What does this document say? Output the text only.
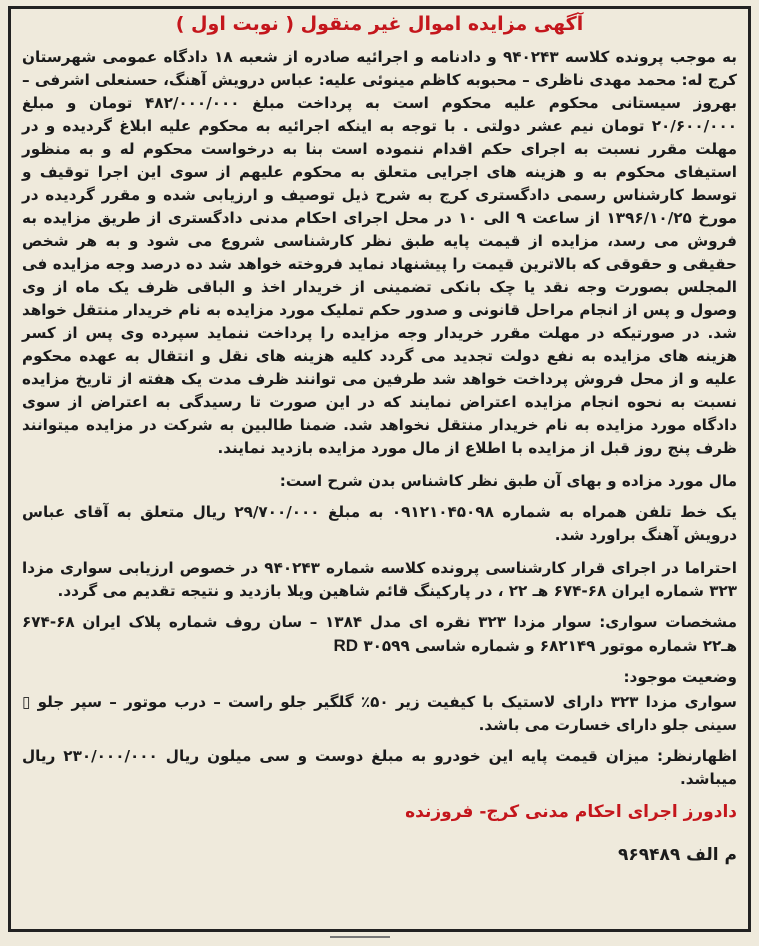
آگهی مزایده اموال غیر منقول ( نوبت اول )

به موجب پرونده کلاسه ۹۴۰۲۴۳ و دادنامه و اجرائیه صادره از شعبه ۱۸ دادگاه عمومی شهرستان کرج له: محمد مهدی ناظری – محبوبه کاظم مینوئی علیه: عباس درویش آهنگ، حسنعلی اشرفی – بهروز سیستانی محکوم علیه محکوم است به پرداخت مبلغ ۴۸۲/۰۰۰/۰۰۰ تومان و مبلغ ۲۰/۶۰۰/۰۰۰ تومان نیم عشر دولتی . با توجه به اینکه اجرائیه به محکوم علیه ابلاغ گردیده و در مهلت مقرر نسبت به اجرای حکم اقدام ننموده است بنا به درخواست محکوم له و به منظور استیفای محکوم به و هزینه های اجرایی متعلق به محکوم علیهم از سوی این اجرا توقیف و توسط کارشناس رسمی دادگستری کرج به شرح ذیل توصیف و ارزیابی شده و مقرر گردیده در مورخ ۱۳۹۶/۱۰/۲۵ از ساعت ۹ الی ۱۰ در محل اجرای احکام مدنی دادگستری از طریق مزایده به فروش می رسد، مزایده از قیمت پایه طبق نظر کارشناسی شروع می شود و به هر شخص حقیقی و حقوقی که بالاترین قیمت را پیشنهاد نماید فروخته خواهد شد ده درصد وجه مزایده فی المجلس بصورت وجه نقد یا چک بانکی تضمینی از خریدار اخذ و الباقی ظرف یک ماه از وی وصول و پس از انجام مراحل قانونی و صدور حکم تملیک مورد مزایده به نام خریدار منتقل خواهد شد. در صورتیکه در مهلت مقرر خریدار وجه مزایده را پرداخت ننماید سپرده وی پس از کسر هزینه های مزایده به نفع دولت تجدید می گردد کلیه هزینه های نقل و انتقال به عهده محکوم علیه و از محل فروش پرداخت خواهد شد طرفین می توانند ظرف مدت یک هفته از تاریخ مزایده نسبت به نحوه انجام مزایده اعتراض نمایند که در این صورت تا رسیدگی به اعتراض از سوی دادگاه مورد مزایده به نام خریدار منتقل نخواهد شد. ضمنا طالبین به شرکت در مزایده میتوانند ظرف پنج روز قبل از مزایده با اطلاع از مال مورد مزایده بازدید نمایند.

مال مورد مزاده و بهای آن طبق نظر کاشناس بدن شرح است:

یک خط تلفن همراه به شماره ۰۹۱۲۱۰۴۵۰۹۸ به مبلغ ۲۹/۷۰۰/۰۰۰ ریال متعلق به آقای عباس درویش آهنگ براورد شد.

احتراما در اجرای قرار کارشناسی پرونده کلاسه شماره ۹۴۰۲۴۳ در خصوص ارزیابی سواری مزدا ۳۲۳ شماره ایران ۶۸-۶۷۴ هـ ۲۲ ، در پارکینگ قائم شاهین ویلا بازدید و نتیجه تقدیم می گردد.

مشخصات سواری: سوار مزدا ۳۲۳ نقره ای مدل ۱۳۸۴ – سان روف شماره پلاک ایران ۶۸-۶۷۴ هـ۲۲ شماره موتور ۶۸۲۱۴۹ و شماره شاسی ۳۰۵۹۹ RD

وضعیت موجود:

سواری مزدا ۳۲۳ دارای لاستیک با کیفیت زیر ۵۰٪ گلگیر جلو راست – درب موتور – سپر جلو ▯ سینی جلو دارای خسارت می باشد.

اظهارنظر: میزان قیمت پایه این خودرو به مبلغ دوست و سی میلون ریال ۲۳۰/۰۰۰/۰۰۰ ریال میباشد.

دادورز اجرای احکام مدنی کرج- فروزنده
م الف ۹۶۹۴۸۹
